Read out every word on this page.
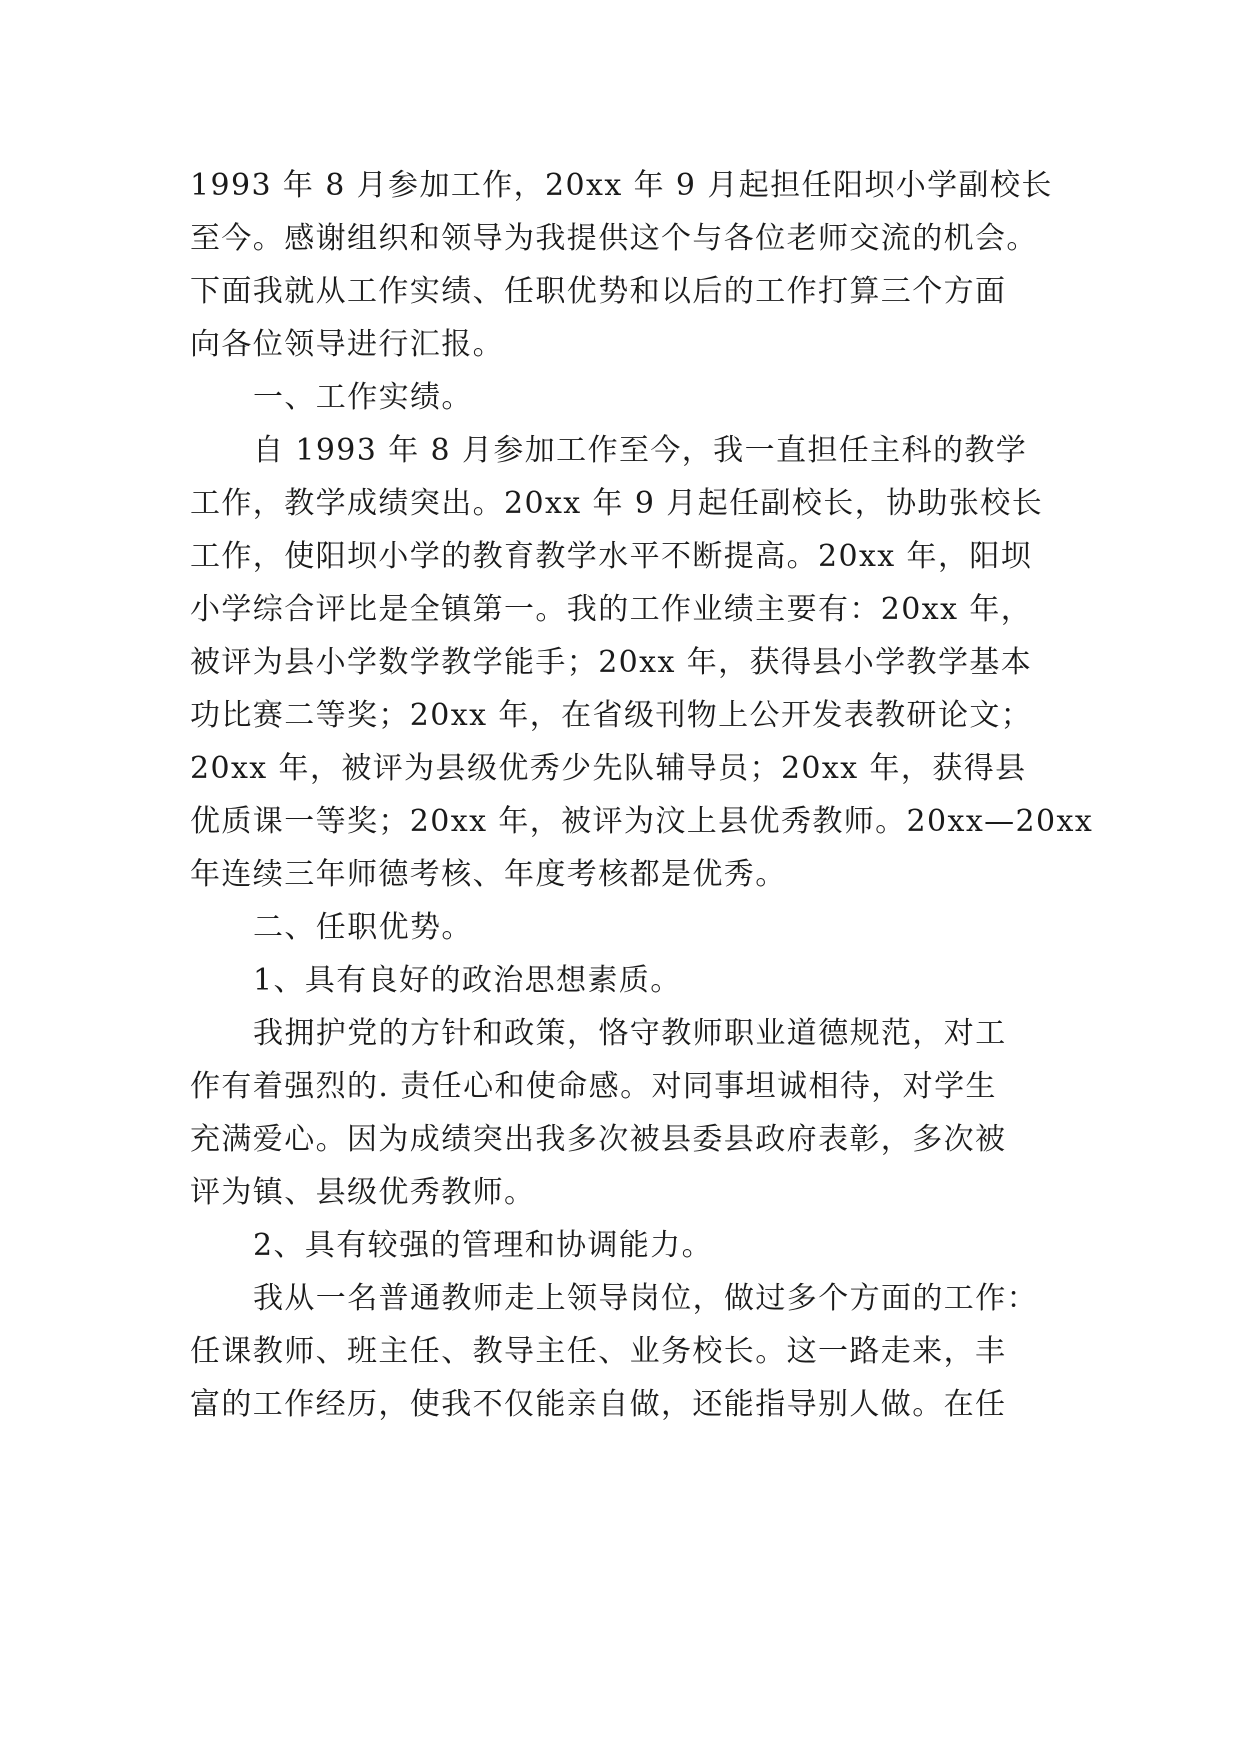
1993 年 8 月参加工作，20xx 年 9 月起担任阳坝小学副校长
至今。感谢组织和领导为我提供这个与各位老师交流的机会。
下面我就从工作实绩、任职优势和以后的工作打算三个方面
向各位领导进行汇报。
一、工作实绩。
自 1993 年 8 月参加工作至今，我一直担任主科的教学
工作，教学成绩突出。20xx 年 9 月起任副校长，协助张校长
工作，使阳坝小学的教育教学水平不断提高。20xx 年，阳坝
小学综合评比是全镇第一。我的工作业绩主要有：20xx 年，
被评为县小学数学教学能手；20xx 年，获得县小学教学基本
功比赛二等奖；20xx 年，在省级刊物上公开发表教研论文；
20xx 年，被评为县级优秀少先队辅导员；20xx 年，获得县
优质课一等奖；20xx 年，被评为汶上县优秀教师。20xx—20xx
年连续三年师德考核、年度考核都是优秀。
二、任职优势。
1、具有良好的政治思想素质。
我拥护党的方针和政策，恪守教师职业道德规范，对工
作有着强烈的. 责任心和使命感。对同事坦诚相待，对学生
充满爱心。因为成绩突出我多次被县委县政府表彰，多次被
评为镇、县级优秀教师。
2、具有较强的管理和协调能力。
我从一名普通教师走上领导岗位，做过多个方面的工作：
任课教师、班主任、教导主任、业务校长。这一路走来，丰
富的工作经历，使我不仅能亲自做，还能指导别人做。在任
